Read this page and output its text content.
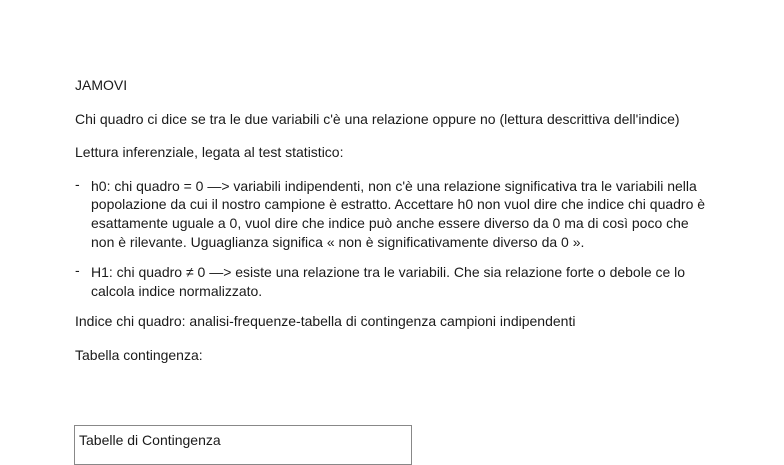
JAMOVI

Chi quadro ci dice se tra le due variabili c'è una relazione oppure no (lettura descrittiva dell'indice)

Lettura inferenziale, legata al test statistico:

- h0: chi quadro = 0 —> variabili indipendenti, non c'è una relazione significativa tra le variabili nella popolazione da cui il nostro campione è estratto. Accettare h0 non vuol dire che indice chi quadro è esattamente uguale a 0, vuol dire che indice può anche essere diverso da 0 ma di così poco che non è rilevante. Uguaglianza significa « non è significativamente diverso da 0 ».
- H1: chi quadro ≠ 0 —> esiste una relazione tra le variabili. Che sia relazione forte o debole ce lo calcola indice normalizzato.

Indice chi quadro: analisi-frequenze-tabella di contingenza campioni indipendenti

Tabella contingenza:

Tabelle di Contingenza
